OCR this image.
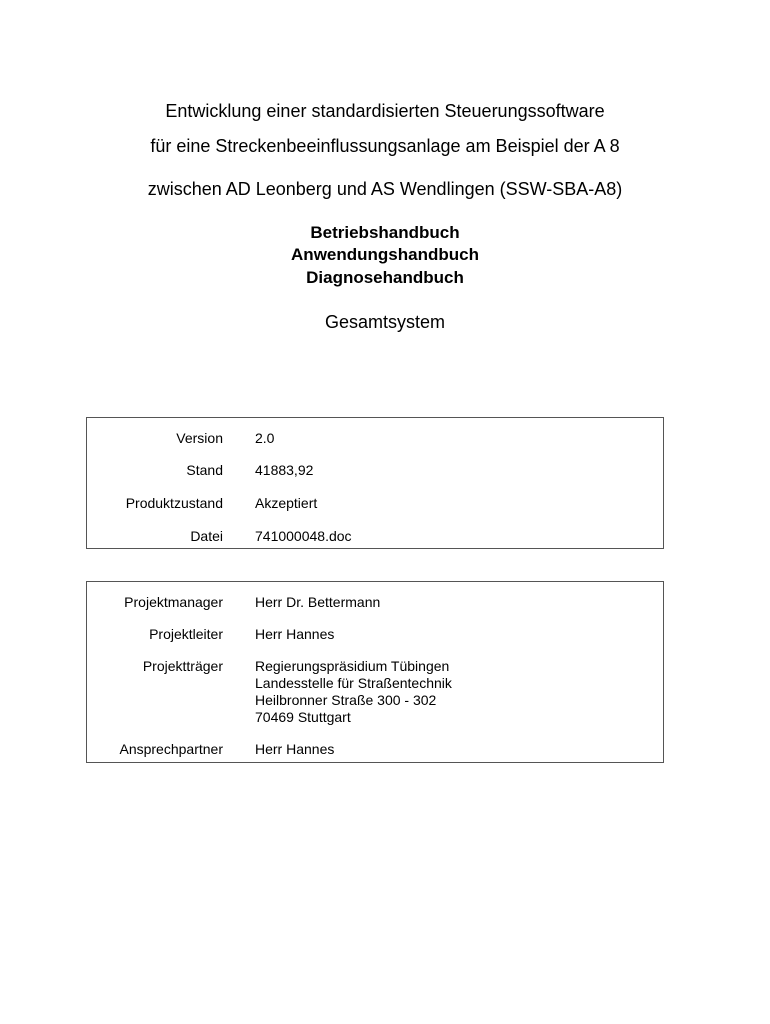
Entwicklung einer standardisierten Steuerungssoftware
für eine Streckenbeeinflussungsanlage am Beispiel der A 8
zwischen AD Leonberg und AS Wendlingen (SSW-SBA-A8)
Betriebshandbuch
Anwendungshandbuch
Diagnosehandbuch
Gesamtsystem
Version 2.0
Stand 41883,92
Produktzustand Akzeptiert
Datei 741000048.doc
Projektmanager Herr Dr. Bettermann
Projektleiter Herr Hannes
Projektträger Regierungspräsidium Tübingen
Landesstelle für Straßentechnik
Heilbronner Straße 300 - 302
70469 Stuttgart
Ansprechpartner Herr Hannes
